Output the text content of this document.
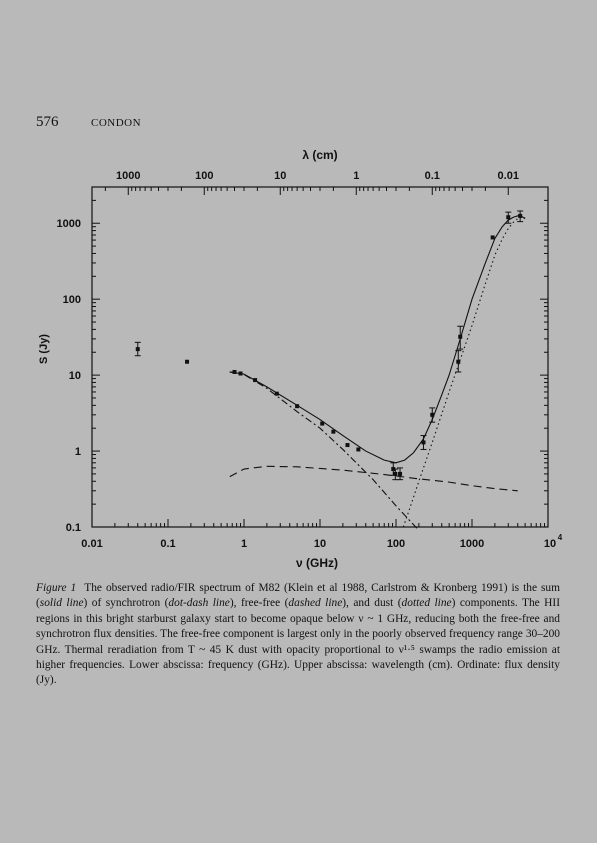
576	CONDON
0.01	0.1	1	10	100	1000	10
4
0.1
1
10
100
1000
1000	100	10	1	0.1	0.01
ν (GHz)
λ (cm)
S (Jy)
Figure 1 The observed radio/FIR spectrum of M82 (Klein et al 1988, Carlstrom & Kronberg 1991) is the sum (solid line) of synchrotron (dot-dash line), free-free (dashed line), and dust (dotted line) components. The HII regions in this bright starburst galaxy start to become opaque below ν ~ 1 GHz, reducing both the free-free and synchrotron flux densities. The free-free component is largest only in the poorly observed frequency range 30–200 GHz. Thermal reradiation from T ~ 45 K dust with opacity proportional to ν¹·⁵ swamps the radio emission at higher frequencies. Lower abscissa: frequency (GHz). Upper abscissa: wavelength (cm). Ordinate: flux density (Jy).
